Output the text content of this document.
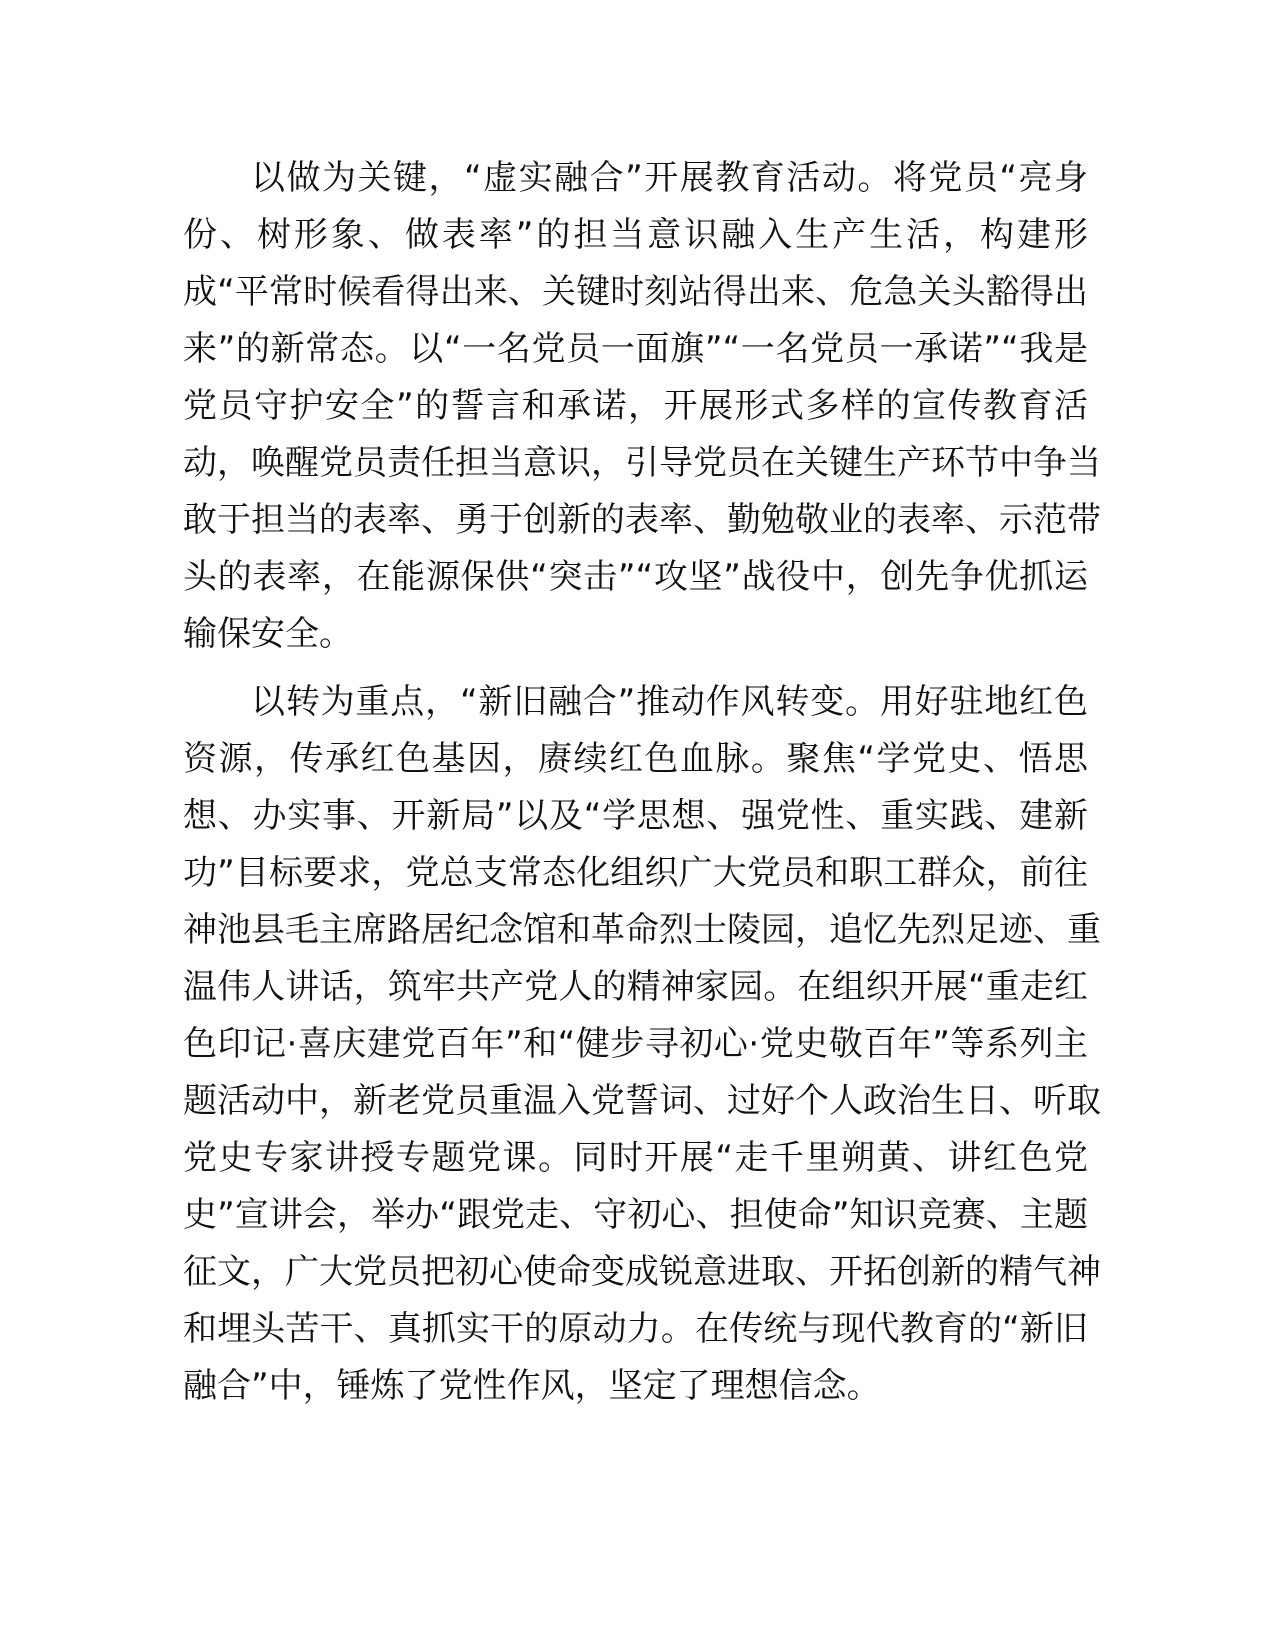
以做为关键，“虚实融合”开展教育活动。将党员“亮身
份、树形象、做表率”的担当意识融入生产生活，构建形
成“平常时候看得出来、关键时刻站得出来、危急关头豁得出
来”的新常态。以“一名党员一面旗”“一名党员一承诺”“我是
党员守护安全”的誓言和承诺，开展形式多样的宣传教育活
动，唤醒党员责任担当意识，引导党员在关键生产环节中争当
敢于担当的表率、勇于创新的表率、勤勉敬业的表率、示范带
头的表率，在能源保供“突击”“攻坚”战役中，创先争优抓运
输保安全。

以转为重点，“新旧融合”推动作风转变。用好驻地红色
资源，传承红色基因，赓续红色血脉。聚焦“学党史、悟思
想、办实事、开新局”以及“学思想、强党性、重实践、建新
功”目标要求，党总支常态化组织广大党员和职工群众，前往
神池县毛主席路居纪念馆和革命烈士陵园，追忆先烈足迹、重
温伟人讲话，筑牢共产党人的精神家园。在组织开展“重走红
色印记·喜庆建党百年”和“健步寻初心·党史敬百年”等系列主
题活动中，新老党员重温入党誓词、过好个人政治生日、听取
党史专家讲授专题党课。同时开展“走千里朔黄、讲红色党
史”宣讲会，举办“跟党走、守初心、担使命”知识竞赛、主题
征文，广大党员把初心使命变成锐意进取、开拓创新的精气神
和埋头苦干、真抓实干的原动力。在传统与现代教育的“新旧
融合”中，锤炼了党性作风，坚定了理想信念。
